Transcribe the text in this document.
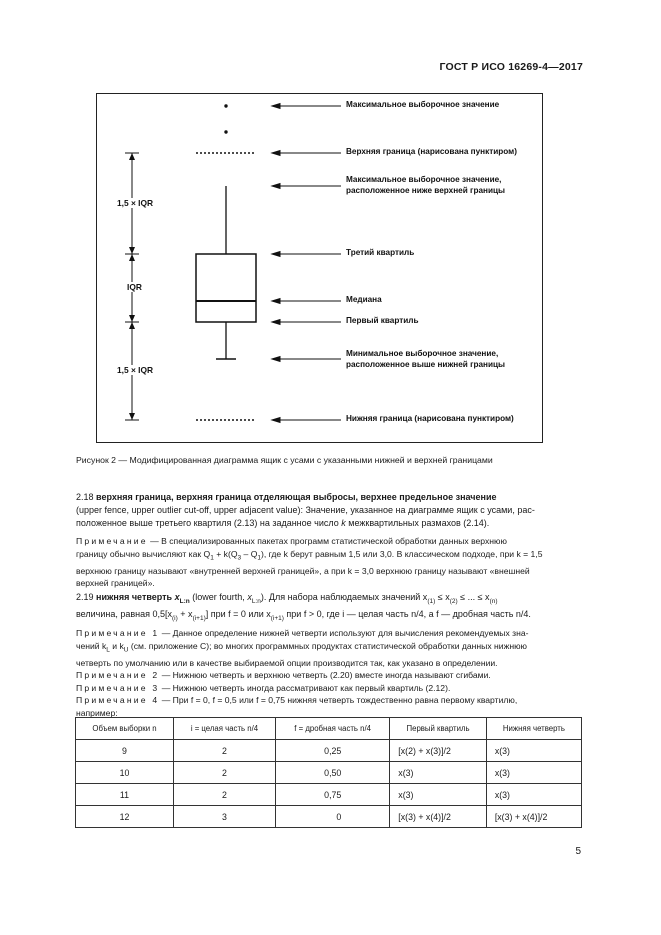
ГОСТ Р ИСО 16269-4—2017
1,5 × IQR
IQR
1,5 × IQR
Максимальное выборочное значение
Верхняя граница (нарисована пунктиром)
Максимальное выборочное значение,
расположенное ниже верхней границы
Третий квартиль
Медиана
Первый квартиль
Минимальное выборочное значение,
расположенное выше нижней границы
Нижняя граница (нарисована пунктиром)
Рисунок 2 — Модифицированная диаграмма ящик с усами с указанными нижней и верхней границами
2.18 верхняя граница, верхняя граница отделяющая выбросы, верхнее предельное значение
(upper fence, upper outlier cut-off, upper adjacent value): Значение, указанное на диаграмме ящик с усами, рас-
положенное выше третьего квартиля (2.13) на заданное число k межквартильных размахов (2.14).
Примечание — В специализированных пакетах программ статистической обработки данных верхнюю
границу обычно вычисляют как $Q_1 + k(Q_3 - Q_1)$, где k берут равным 1,5 или 3,0. В классическом подходе, при k = 1,5
верхнюю границу называют «внутренней верхней границей», а при k = 3,0 верхнюю границу называют «внешней
верхней границей».
2.19 нижняя четверть $x_{L:n}$ (lower fourth, $x_{L:n}$). Для набора наблюдаемых значений $x_{(1)} \le x_{(2)}$ ≤ ... ≤ $x_{(n)}$
величина, равная $0,5[x_{(i)} + x_{(i+1)}]$ при f = 0 или $x_{(i+1)}$ при f > 0, где i — целая часть n/4, а f — дробная часть n/4.
Примечание 1 — Данное определение нижней четверти используют для вычисления рекомендуемых зна-
чений $k_L$ и $k_U$ (см. приложение C); во многих программных продуктах статистической обработки данных нижнюю
четверть по умолчанию или в качестве выбираемой опции производится так, как указано в определении.
Примечание 2 — Нижнюю четверть и верхнюю четверть (2.20) вместе иногда называют сгибами.
Примечание 3 — Нижнюю четверть иногда рассматривают как первый квартиль (2.12).
Примечание 4 — При f = 0, f = 0,5 или f = 0,75 нижняя четверть тождественно равна первому квартилю,
например:
Объем выборки n	i = целая часть n/4	f = дробная часть n/4	Первый квартиль	Нижняя четверть
9	2	0,25	[x(2) + x(3)]/2	x(3)
10	2	0,50	x(3)	x(3)
11	2	0,75	x(3)	x(3)
12	3	0	[x(3) + x(4)]/2	[x(3) + x(4)]/2
5
